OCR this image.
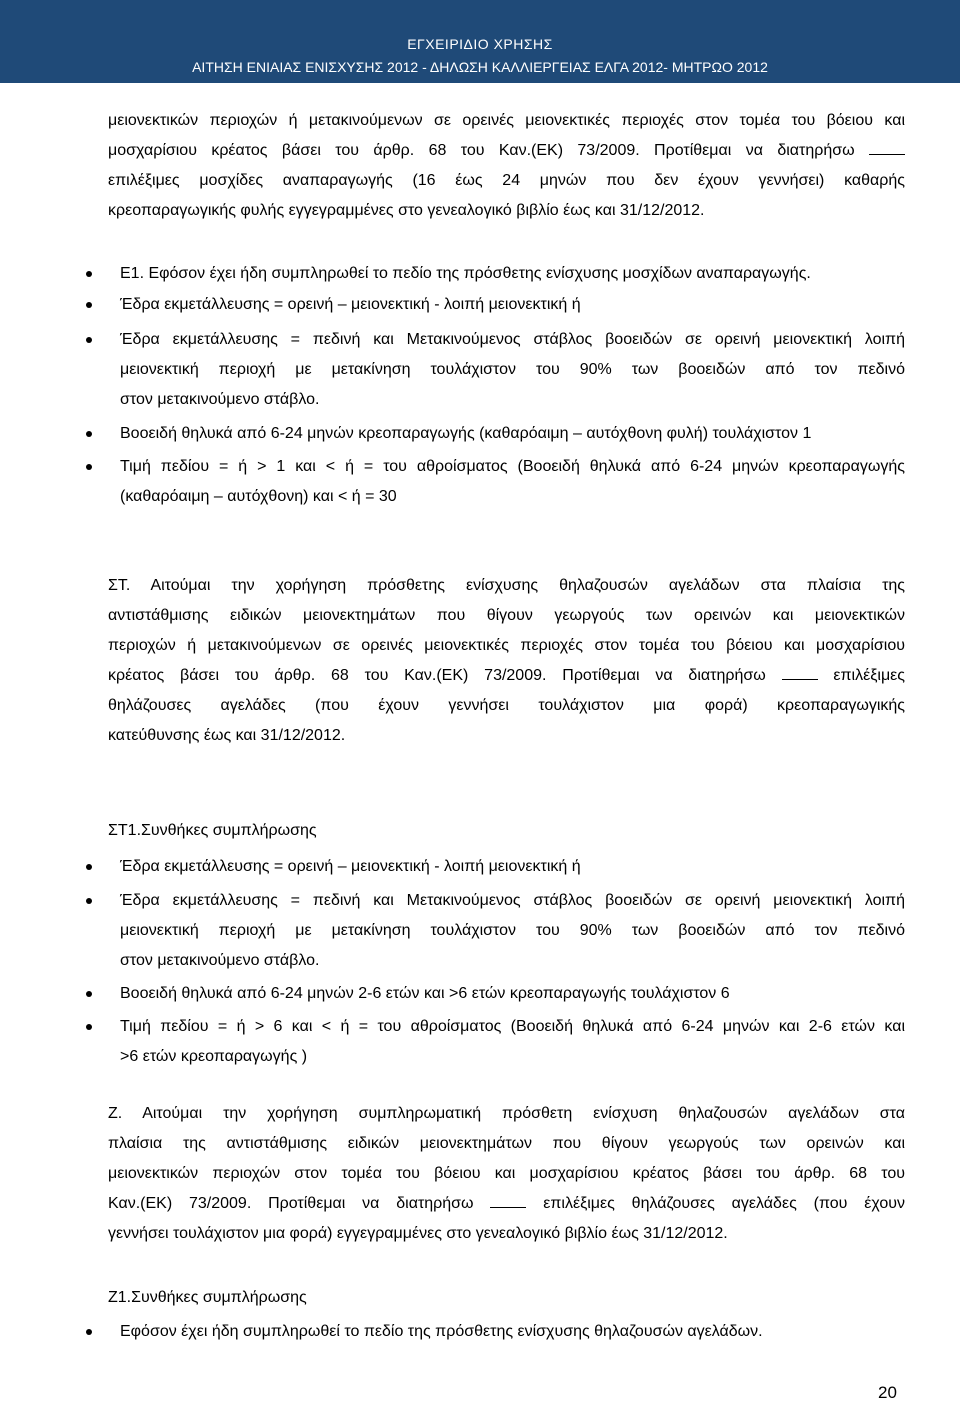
ΕΓΧΕΙΡΙΔΙΟ ΧΡΗΣΗΣ
ΑΙΤΗΣΗ ΕΝΙΑΙΑΣ ΕΝΙΣΧΥΣΗΣ 2012 - ΔΗΛΩΣΗ ΚΑΛΛΙΕΡΓΕΙΑΣ ΕΛΓΑ 2012- ΜΗΤΡΩΟ 2012
μειονεκτικών περιοχών ή μετακινούμενων σε ορεινές μειονεκτικές περιοχές στον τομέα του βόειου και
μοσχαρίσιου κρέατος βάσει του άρθρ. 68 του Καν.(ΕΚ) 73/2009. Προτίθεμαι να διατηρήσω
επιλέξιμες μοσχίδες αναπαραγωγής (16 έως 24 μηνών που δεν έχουν γεννήσει) καθαρής
κρεοπαραγωγικής φυλής εγγεγραμμένες στο γενεαλογικό βιβλίο έως και 31/12/2012.
Ε1. Εφόσον έχει ήδη συμπληρωθεί το πεδίο της πρόσθετης ενίσχυσης μοσχίδων αναπαραγωγής.
Έδρα εκμετάλλευσης = ορεινή – μειονεκτική - λοιπή μειονεκτική ή
Έδρα εκμετάλλευσης = πεδινή και Μετακινούμενος στάβλος βοοειδών σε ορεινή μειονεκτική λοιπή
μειονεκτική περιοχή με μετακίνηση τουλάχιστον του 90% των βοοειδών από τον πεδινό
στον μετακινούμενο στάβλο.
Βοοειδή θηλυκά από 6-24 μηνών κρεοπαραγωγής (καθαρόαιμη – αυτόχθονη φυλή) τουλάχιστον 1
Τιμή πεδίου = ή > 1 και < ή = του αθροίσματος (Βοοειδή θηλυκά από 6-24 μηνών κρεοπαραγωγής
(καθαρόαιμη – αυτόχθονη) και < ή = 30
ΣΤ. Αιτούμαι την χορήγηση πρόσθετης ενίσχυσης θηλαζουσών αγελάδων στα πλαίσια της
αντιστάθμισης ειδικών μειονεκτημάτων που θίγουν γεωργούς των ορεινών και μειονεκτικών
περιοχών ή μετακινούμενων σε ορεινές μειονεκτικές περιοχές στον τομέα του βόειου και μοσχαρίσιου
κρέατος βάσει του άρθρ. 68 του Καν.(ΕΚ) 73/2009. Προτίθεμαι να διατηρήσω	επιλέξιμες
θηλάζουσες αγελάδες (που έχουν γεννήσει τουλάχιστον μια φορά) κρεοπαραγωγικής
κατεύθυνσης έως και 31/12/2012.
ΣΤ1.Συνθήκες συμπλήρωσης
Έδρα εκμετάλλευσης = ορεινή – μειονεκτική - λοιπή μειονεκτική ή
Έδρα εκμετάλλευσης = πεδινή και Μετακινούμενος στάβλος βοοειδών σε ορεινή μειονεκτική λοιπή
μειονεκτική περιοχή με μετακίνηση τουλάχιστον του 90% των βοοειδών από τον πεδινό
στον μετακινούμενο στάβλο.
Βοοειδή θηλυκά από 6-24 μηνών 2-6 ετών και >6 ετών κρεοπαραγωγής τουλάχιστον 6
Τιμή πεδίου = ή > 6 και < ή = του αθροίσματος (Βοοειδή θηλυκά από 6-24 μηνών και 2-6 ετών και
>6 ετών κρεοπαραγωγής )
Ζ. Αιτούμαι την χορήγηση συμπληρωματική πρόσθετη ενίσχυση θηλαζουσών αγελάδων στα
πλαίσια της αντιστάθμισης ειδικών μειονεκτημάτων που θίγουν γεωργούς των ορεινών και
μειονεκτικών περιοχών στον τομέα του βόειου και μοσχαρίσιου κρέατος βάσει του άρθρ. 68 του
Καν.(ΕΚ) 73/2009. Προτίθεμαι να διατηρήσω	επιλέξιμες θηλάζουσες αγελάδες (που έχουν
γεννήσει τουλάχιστον μια φορά) εγγεγραμμένες στο γενεαλογικό βιβλίο έως 31/12/2012.
Ζ1.Συνθήκες συμπλήρωσης
Εφόσον έχει ήδη συμπληρωθεί το πεδίο της πρόσθετης ενίσχυσης θηλαζουσών αγελάδων.
20
